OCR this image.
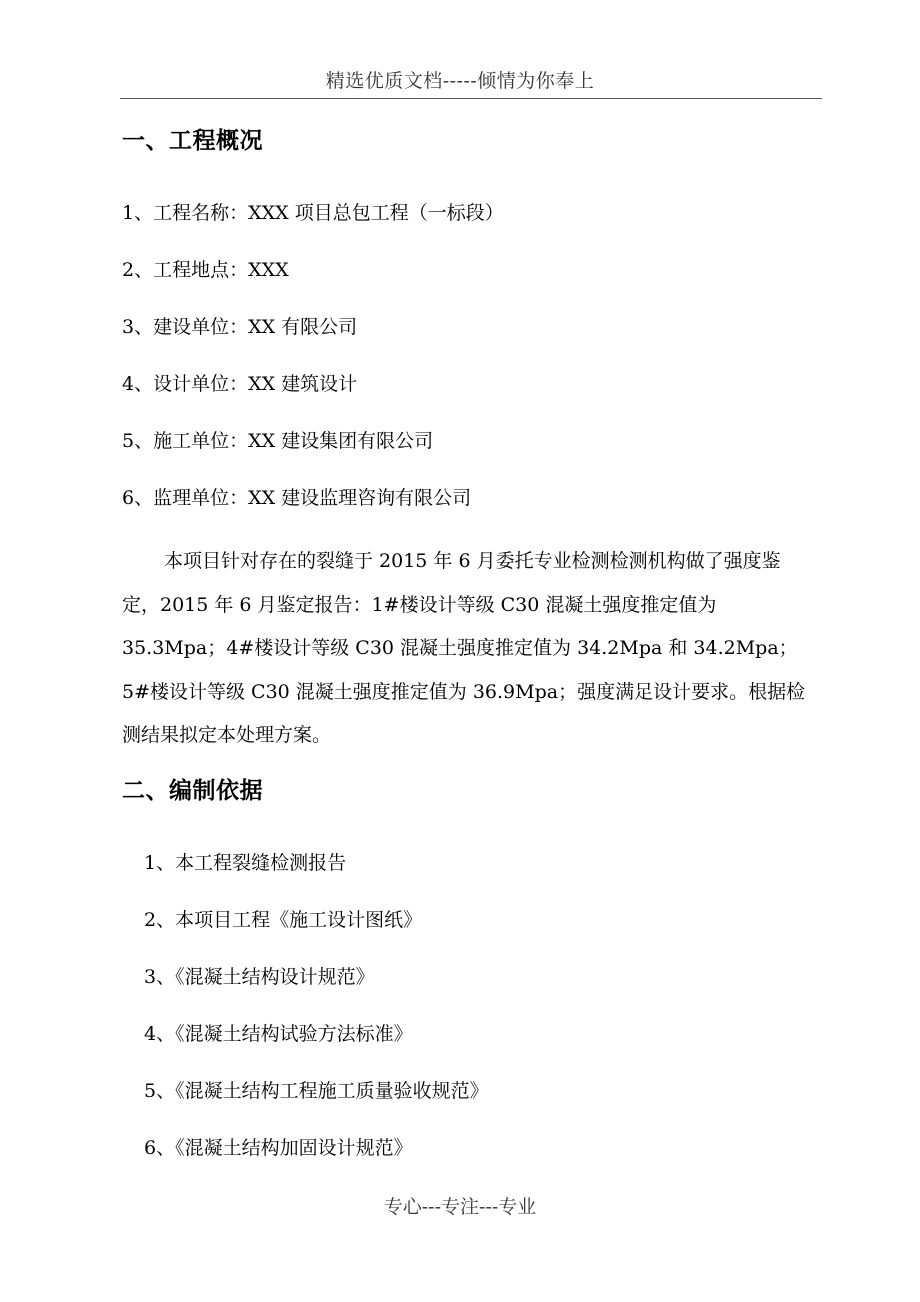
精选优质文档-----倾情为你奉上
一、工程概况
1、工程名称：XXX 项目总包工程（一标段）
2、工程地点：XXX
3、建设单位：XX 有限公司
4、设计单位：XX 建筑设计
5、施工单位：XX 建设集团有限公司
6、监理单位：XX 建设监理咨询有限公司

本项目针对存在的裂缝于 2015 年 6 月委托专业检测检测机构做了强度鉴定，2015 年 6 月鉴定报告：1#楼设计等级 C30 混凝土强度推定值为 35.3Mpa；4#楼设计等级 C30 混凝土强度推定值为 34.2Mpa 和 34.2Mpa；5#楼设计等级 C30 混凝土强度推定值为 36.9Mpa；强度满足设计要求。根据检测结果拟定本处理方案。

二、编制依据
1、本工程裂缝检测报告
2、本项目工程《施工设计图纸》
3、《混凝土结构设计规范》
4、《混凝土结构试验方法标准》
5、《混凝土结构工程施工质量验收规范》
6、《混凝土结构加固设计规范》
专心---专注---专业
